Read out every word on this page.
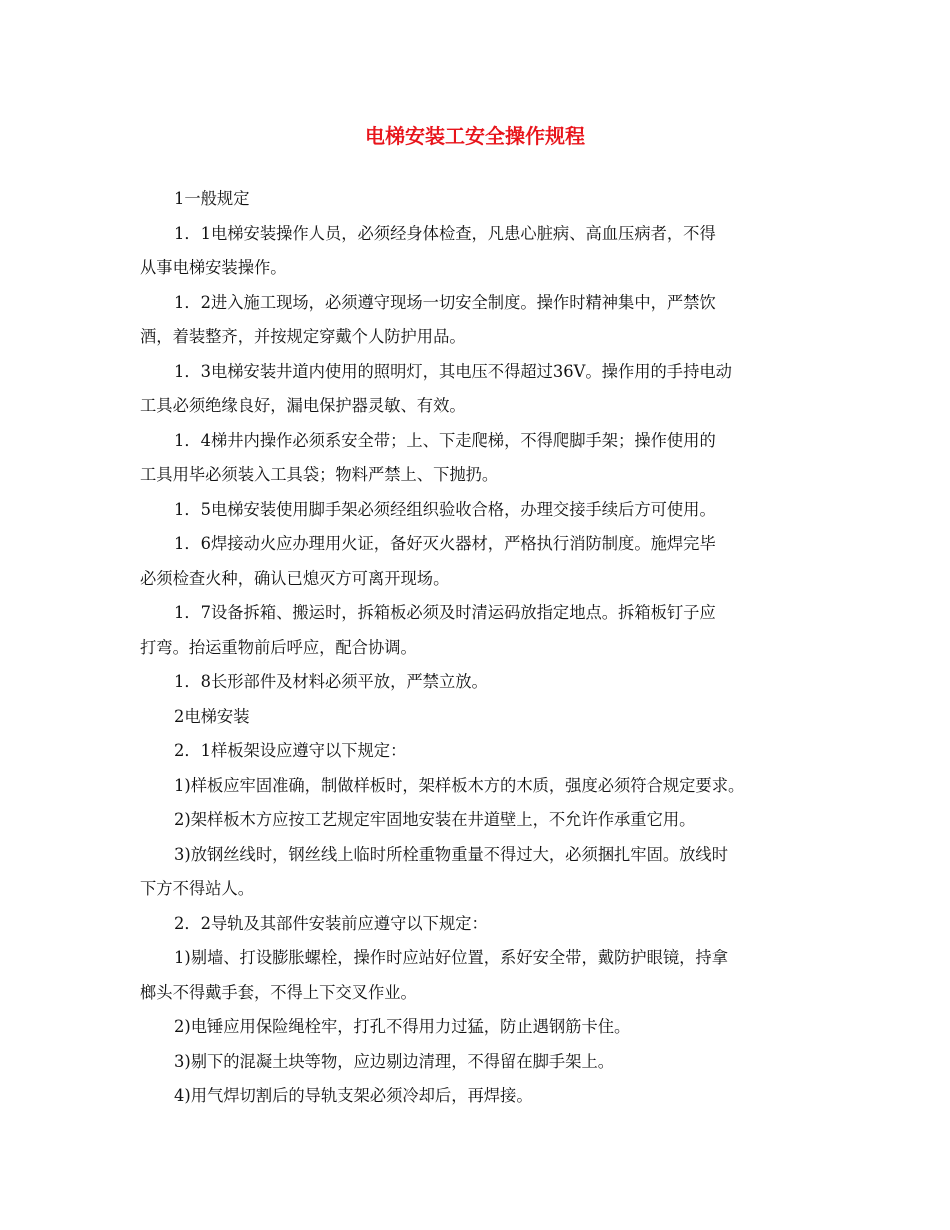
电梯安装工安全操作规程

1一般规定

1．1电梯安装操作人员，必须经身体检查，凡患心脏病、高血压病者，不得
从事电梯安装操作。

1．2进入施工现场，必须遵守现场一切安全制度。操作时精神集中，严禁饮
酒，着装整齐，并按规定穿戴个人防护用品。

1．3电梯安装井道内使用的照明灯，其电压不得超过36V。操作用的手持电动
工具必须绝缘良好，漏电保护器灵敏、有效。

1．4梯井内操作必须系安全带；上、下走爬梯，不得爬脚手架；操作使用的
工具用毕必须装入工具袋；物料严禁上、下抛扔。

1．5电梯安装使用脚手架必须经组织验收合格，办理交接手续后方可使用。

1．6焊接动火应办理用火证，备好灭火器材，严格执行消防制度。施焊完毕
必须检查火种，确认已熄灭方可离开现场。

1．7设备拆箱、搬运时，拆箱板必须及时清运码放指定地点。拆箱板钉子应
打弯。抬运重物前后呼应，配合协调。

1．8长形部件及材料必须平放，严禁立放。

2电梯安装

2．1样板架设应遵守以下规定：

1)样板应牢固准确，制做样板时，架样板木方的木质，强度必须符合规定要求。

2)架样板木方应按工艺规定牢固地安装在井道壁上，不允许作承重它用。

3)放钢丝线时，钢丝线上临时所栓重物重量不得过大，必须捆扎牢固。放线时
下方不得站人。

2．2导轨及其部件安装前应遵守以下规定：

1)剔墙、打设膨胀螺栓，操作时应站好位置，系好安全带，戴防护眼镜，持拿
榔头不得戴手套，不得上下交叉作业。

2)电锤应用保险绳栓牢，打孔不得用力过猛，防止遇钢筋卡住。

3)剔下的混凝土块等物，应边剔边清理，不得留在脚手架上。

4)用气焊切割后的导轨支架必须冷却后，再焊接。
